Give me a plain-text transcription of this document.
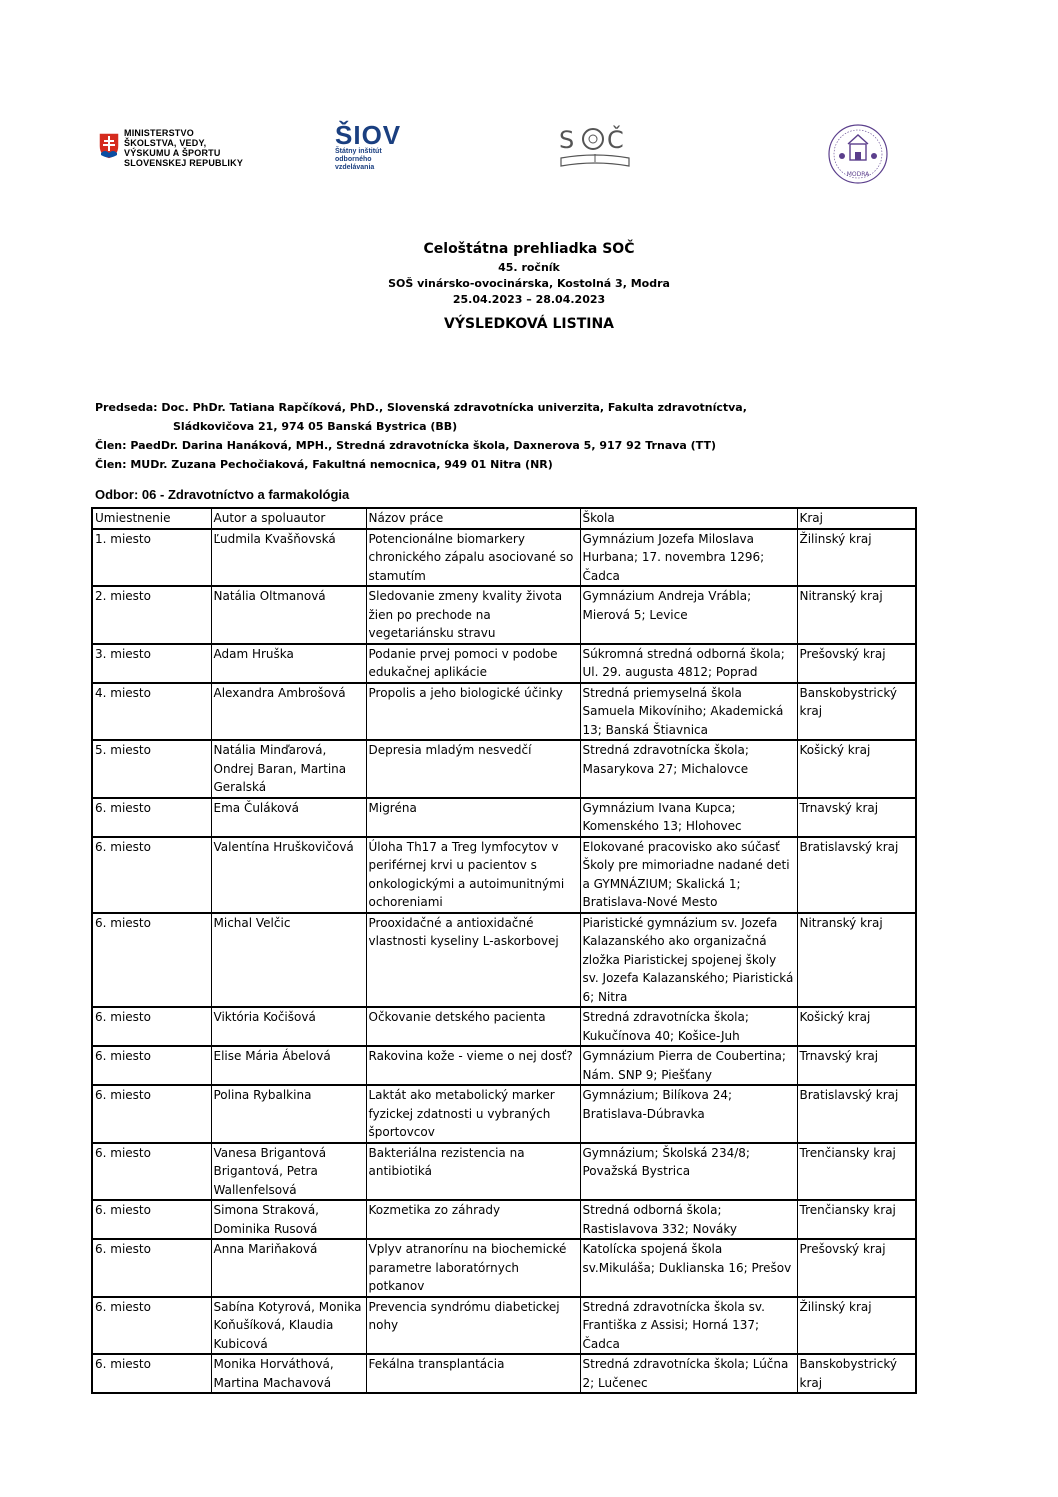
MINISTERSTVO
ŠKOLSTVA, VEDY,
VÝSKUMU A ŠPORTU
SLOVENSKEJ REPUBLIKY
ŠIOV
Štátny inštitút
odborného
vzdelávania
S Č
MODRA
Celoštátna prehliadka SOČ
45. ročník
SOŠ vinársko-ovocinárska, Kostolná 3, Modra
25.04.2023 – 28.04.2023
VÝSLEDKOVÁ LISTINA
Predseda: Doc. PhDr. Tatiana Rapčíková, PhD., Slovenská zdravotnícka univerzita, Fakulta zdravotníctva,
Sládkovičova 21, 974 05 Banská Bystrica (BB)
Člen: PaedDr. Darina Hanáková, MPH., Stredná zdravotnícka škola, Daxnerova 5, 917 92 Trnava (TT)
Člen: MUDr. Zuzana Pechočiaková, Fakultná nemocnica, 949 01 Nitra (NR)
Odbor: 06 - Zdravotníctvo a farmakológia
Umiestnenie	Autor a spoluautor	Názov práce	Škola	Kraj
1. miesto	Ľudmila Kvašňovská	Potencionálne biomarkery chronického zápalu asociované so stamutím	Gymnázium Jozefa Miloslava Hurbana; 17. novembra 1296; Čadca	Žilinský kraj
2. miesto	Natália Oltmanová	Sledovanie zmeny kvality života žien po prechode na vegetariánsku stravu	Gymnázium Andreja Vrábla; Mierová 5; Levice	Nitranský kraj
3. miesto	Adam Hruška	Podanie prvej pomoci v podobe edukačnej aplikácie	Súkromná stredná odborná škola; Ul. 29. augusta 4812; Poprad	Prešovský kraj
4. miesto	Alexandra Ambrošová	Propolis a jeho biologické účinky	Stredná priemyselná škola Samuela Mikovíniho; Akademická 13; Banská Štiavnica	Banskobystrický kraj
5. miesto	Natália Minďarová, Ondrej Baran, Martina Geralská	Depresia mladým nesvedčí	Stredná zdravotnícka škola; Masarykova 27; Michalovce	Košický kraj
6. miesto	Ema Čuláková	Migréna	Gymnázium Ivana Kupca; Komenského 13; Hlohovec	Trnavský kraj
6. miesto	Valentína Hruškovičová	Úloha Th17 a Treg lymfocytov v periférnej krvi u pacientov s onkologickými a autoimunitnými ochoreniami	Elokované pracovisko ako súčasť Školy pre mimoriadne nadané deti a GYMNÁZIUM; Skalická 1; Bratislava-Nové Mesto	Bratislavský kraj
6. miesto	Michal Velčic	Prooxidačné a antioxidačné vlastnosti kyseliny L-askorbovej	Piaristické gymnázium sv. Jozefa Kalazanského ako organizačná zložka Piaristickej spojenej školy sv. Jozefa Kalazanského; Piaristická 6; Nitra	Nitranský kraj
6. miesto	Viktória Kočišová	Očkovanie detského pacienta	Stredná zdravotnícka škola; Kukučínova 40; Košice-Juh	Košický kraj
6. miesto	Elise Mária Ábelová	Rakovina kože - vieme o nej dosť?	Gymnázium Pierra de Coubertina; Nám. SNP 9; Piešťany	Trnavský kraj
6. miesto	Polina Rybalkina	Laktát ako metabolický marker fyzickej zdatnosti u vybraných športovcov	Gymnázium; Bilíkova 24; Bratislava-Dúbravka	Bratislavský kraj
6. miesto	Vanesa Brigantová Brigantová, Petra Wallenfelsová	Bakteriálna rezistencia na antibiotiká	Gymnázium; Školská 234/8; Považská Bystrica	Trenčiansky kraj
6. miesto	Simona Straková, Dominika Rusová	Kozmetika zo záhrady	Stredná odborná škola; Rastislavova 332; Nováky	Trenčiansky kraj
6. miesto	Anna Mariňaková	Vplyv atranorínu na biochemické parametre laboratórnych potkanov	Katolícka spojená škola sv.Mikuláša; Duklianska 16; Prešov	Prešovský kraj
6. miesto	Sabína Kotyrová, Monika Koňušíková, Klaudia Kubicová	Prevencia syndrómu diabetickej nohy	Stredná zdravotnícka škola sv. Františka z Assisi; Horná 137; Čadca	Žilinský kraj
6. miesto	Monika Horváthová, Martina Machavová	Fekálna transplantácia	Stredná zdravotnícka škola; Lúčna 2; Lučenec	Banskobystrický kraj
